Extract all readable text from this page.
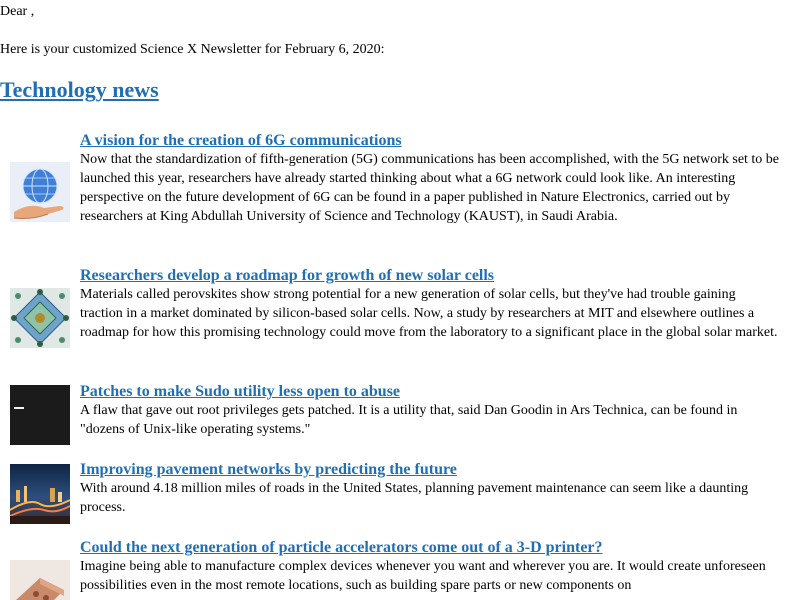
Dear ,
Here is your customized Science X Newsletter for February 6, 2020:
Technology news
A vision for the creation of 6G communications
Now that the standardization of fifth-generation (5G) communications has been accomplished, with the 5G network set to be launched this year, researchers have already started thinking about what a 6G network could look like. An interesting perspective on the future development of 6G can be found in a paper published in Nature Electronics, carried out by researchers at King Abdullah University of Science and Technology (KAUST), in Saudi Arabia.
Researchers develop a roadmap for growth of new solar cells
Materials called perovskites show strong potential for a new generation of solar cells, but they've had trouble gaining traction in a market dominated by silicon-based solar cells. Now, a study by researchers at MIT and elsewhere outlines a roadmap for how this promising technology could move from the laboratory to a significant place in the global solar market.
Patches to make Sudo utility less open to abuse
A flaw that gave out root privileges gets patched. It is a utility that, said Dan Goodin in Ars Technica, can be found in "dozens of Unix-like operating systems."
Improving pavement networks by predicting the future
With around 4.18 million miles of roads in the United States, planning pavement maintenance can seem like a daunting process.
Could the next generation of particle accelerators come out of a 3-D printer?
Imagine being able to manufacture complex devices whenever you want and wherever you are. It would create unforeseen possibilities even in the most remote locations, such as building spare parts or new components on
